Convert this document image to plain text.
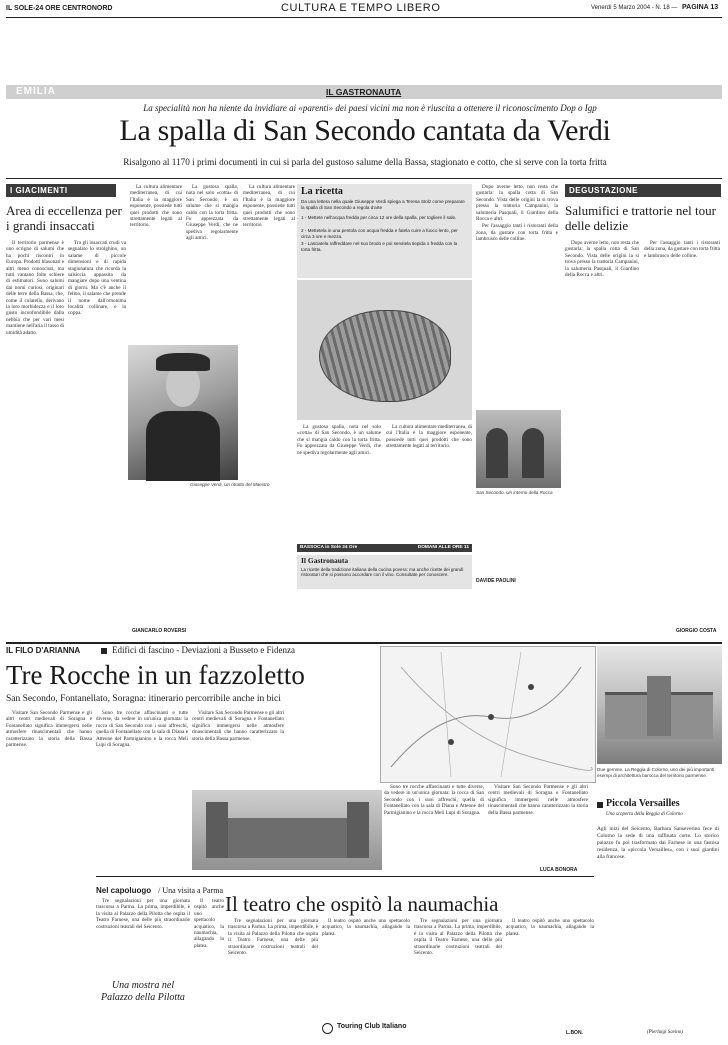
IL SOLE-24 ORE CENTRONORD	CULTURA E TEMPO LIBERO	Venerdì 5 Marzo 2004 - N. 18 — PAGINA 13
EMILIA	IL GASTRONAUTA
La specialità non ha niente da invidiare ai «parenti» dei paesi vicini ma non è riuscita a ottenere il riconoscimento Dop o Igp
La spalla di San Secondo cantata da Verdi
Risalgono al 1170 i primi documenti in cui si parla del gustoso salume della Bassa, stagionato e cotto, che si serve con la torta fritta
I GIACIMENTI
Area di eccellenza per i grandi insaccati

Il territorio parmense è uno scrigno di salumi che ha pochi riscontri in Europa. Prodotti blasonati e altri meno conosciuti, ma tutti vantano folte schiere di estimatori. Sono salumi dai nomi curiosi, originari delle terre della Bassa, che, come il culatello, derivano la loro morbidezza e il loro gusto inconfondibile dalla nebbia che per vari mesi mantiene nell'aria il tasso di umidità adatto.

Tra gli insaccati crudi va segnalato lo strolghino, un salame di piccole dimensioni e di rapida stagionatura che ricorda la salsiccia appassita da mangiare dopo una ventina di giorni. Ma c'è anche il felino, il salame che prende il nome dall'omonima località collinare, e la coppa.

GIANCARLO ROVERSI
Giuseppe Verdi, Un ritratto del Maestro

La cultura alimentare mediterranea, di cui l'Italia è la maggiore esponente, possiede tutti quei prodotti che sono strettamente legati al territorio.

La gustosa spalla, nota nel solo «cotta» di San Secondo, è un salume che si mangia caldo con la torta fritta. Fu apprezzata da Giuseppe Verdi, che ne spediva regolarmente agli amici.

La cultura alimentare mediterranea, di cui l'Italia è la maggiore esponente, possiede tutti quei prodotti che sono strettamente legati al territorio.

La ricetta
Da una lettera nella quale Giuseppe Verdi spiega a Teresa Stolz come preparare la spalla di San Secondo a regola d'arte
1 - Mettete nell'acqua fredda per circa 12 ore della spalla, per togliere il sale.
2 - Mettetela in una pentola con acqua fredda e fatela cuire a fuoco lento, per circa 3 ore e mezza.
3 - Lasciatela raffreddare nel suo brodo e poi servitela tiepida o fredda con la torta fritta.

La gustosa spalla, nota nel solo «cotta» di San Secondo, è un salume che si mangia caldo con la torta fritta. Fu apprezzata da Giuseppe Verdi, che ne spediva regolarmente agli amici.

La cultura alimentare mediterranea, di cui l'Italia è la maggiore esponente, possiede tutti quei prodotti che sono strettamente legati al territorio.

BASSOCA in Sole 24 Ore	DOMANI ALLE ORE 11
Il Gastronauta
La ricette della tradizione italiana della cucina povera: ma anche ricette dei grandi ristoratori che si possono accordare con il vino. Consultate per conoscere.

Dopo averne letto, non resta che gustarla: la spalla cotta di San Secondo. Vista delle origini la si trova presso la trattoria Campanini, la salumeria Pasquali, il Giardino della Rocca e altri.

Per l'assaggio tanti i ristoranti della zona, da gustare con torta fritta e lambrusco delle colline.

San Secondo. Un interno della Rocca
DAVIDE PAOLINI
DEGUSTAZIONE
Salumifici e trattorie nel tour delle delizie

Dopo averne letto, non resta che gustarla: la spalla cotta di San Secondo. Vista delle origini la si trova presso la trattoria Campanini, la salumeria Pasquali, il Giardino della Rocca e altri.

Per l'assaggio tanti i ristoranti della zona, da gustare con torta fritta e lambrusco delle colline.

GIORGIO COSTA
IL FILO D'ARIANNA	Edifici di fascino - Deviazioni a Busseto e Fidenza
Tre Rocche in un fazzoletto
San Secondo, Fontanellato, Soragna: itinerario percorribile anche in bici
Due gemme. La Reggia di Colorno, uno dei più importanti esempi di architettura barocca del territorio parmense.

Visitare San Secondo Parmense e gli altri centri medievali di Soragna e Fontanellato significa immergersi nelle atmosfere rinascimentali che hanno caratterizzato la storia della Bassa parmense.

Sono tre rocche affascinanti e tutte diverse, da vedere in un'unica giornata: la rocca di San Secondo con i suoi affreschi, quella di Fontanellato con la sala di Diana e Atteone del Parmigianino e la rocca Meli Lupi di Soragna.

Visitare San Secondo Parmense e gli altri centri medievali di Soragna e Fontanellato significa immergersi nelle atmosfere rinascimentali che hanno caratterizzato la storia della Bassa parmense.

Sono tre rocche affascinanti e tutte diverse, da vedere in un'unica giornata: la rocca di San Secondo con i suoi affreschi, quella di Fontanellato con la sala di Diana e Atteone del Parmigianino e la rocca Meli Lupi di Soragna.

Visitare San Secondo Parmense e gli altri centri medievali di Soragna e Fontanellato significa immergersi nelle atmosfere rinascimentali che hanno caratterizzato la storia della Bassa parmense.

LUCA BONORA
Piccola Versailles
Una scoperta della Reggia di Colorno
Agli inizi del Seicento, Barbara Sanseverino fece di Colorno la sede di una raffinata corte. Lo storico palazzo fu poi trasformato dai Farnese in una fastosa residenza, la «piccola Versailles», con i suoi giardini alla francese.
(Pierluigi Savino)
Nel capoluogo / Una visita a Parma
Il teatro che ospitò la naumachia

Tre segnalazioni per una giornata trascorsa a Parma. La prima, imperdibile, è la visita al Palazzo della Pilotta che ospita il Teatro Farnese, una delle più straordinarie costruzioni teatrali del Seicento.

Una mostra nel Palazzo della Pilotta

Il teatro ospitò anche uno spettacolo acquatico, la naumachia, allagando la platea.

Tre segnalazioni per una giornata trascorsa a Parma. La prima, imperdibile, è la visita al Palazzo della Pilotta che ospita il Teatro Farnese, una delle più straordinarie costruzioni teatrali del Seicento.

Il teatro ospitò anche uno spettacolo acquatico, la naumachia, allagando la platea.

Tre segnalazioni per una giornata trascorsa a Parma. La prima, imperdibile, è la visita al Palazzo della Pilotta che ospita il Teatro Farnese, una delle più straordinarie costruzioni teatrali del Seicento.

Il teatro ospitò anche uno spettacolo acquatico, la naumachia, allagando la platea.

Touring Club Italiano
L.BON.
